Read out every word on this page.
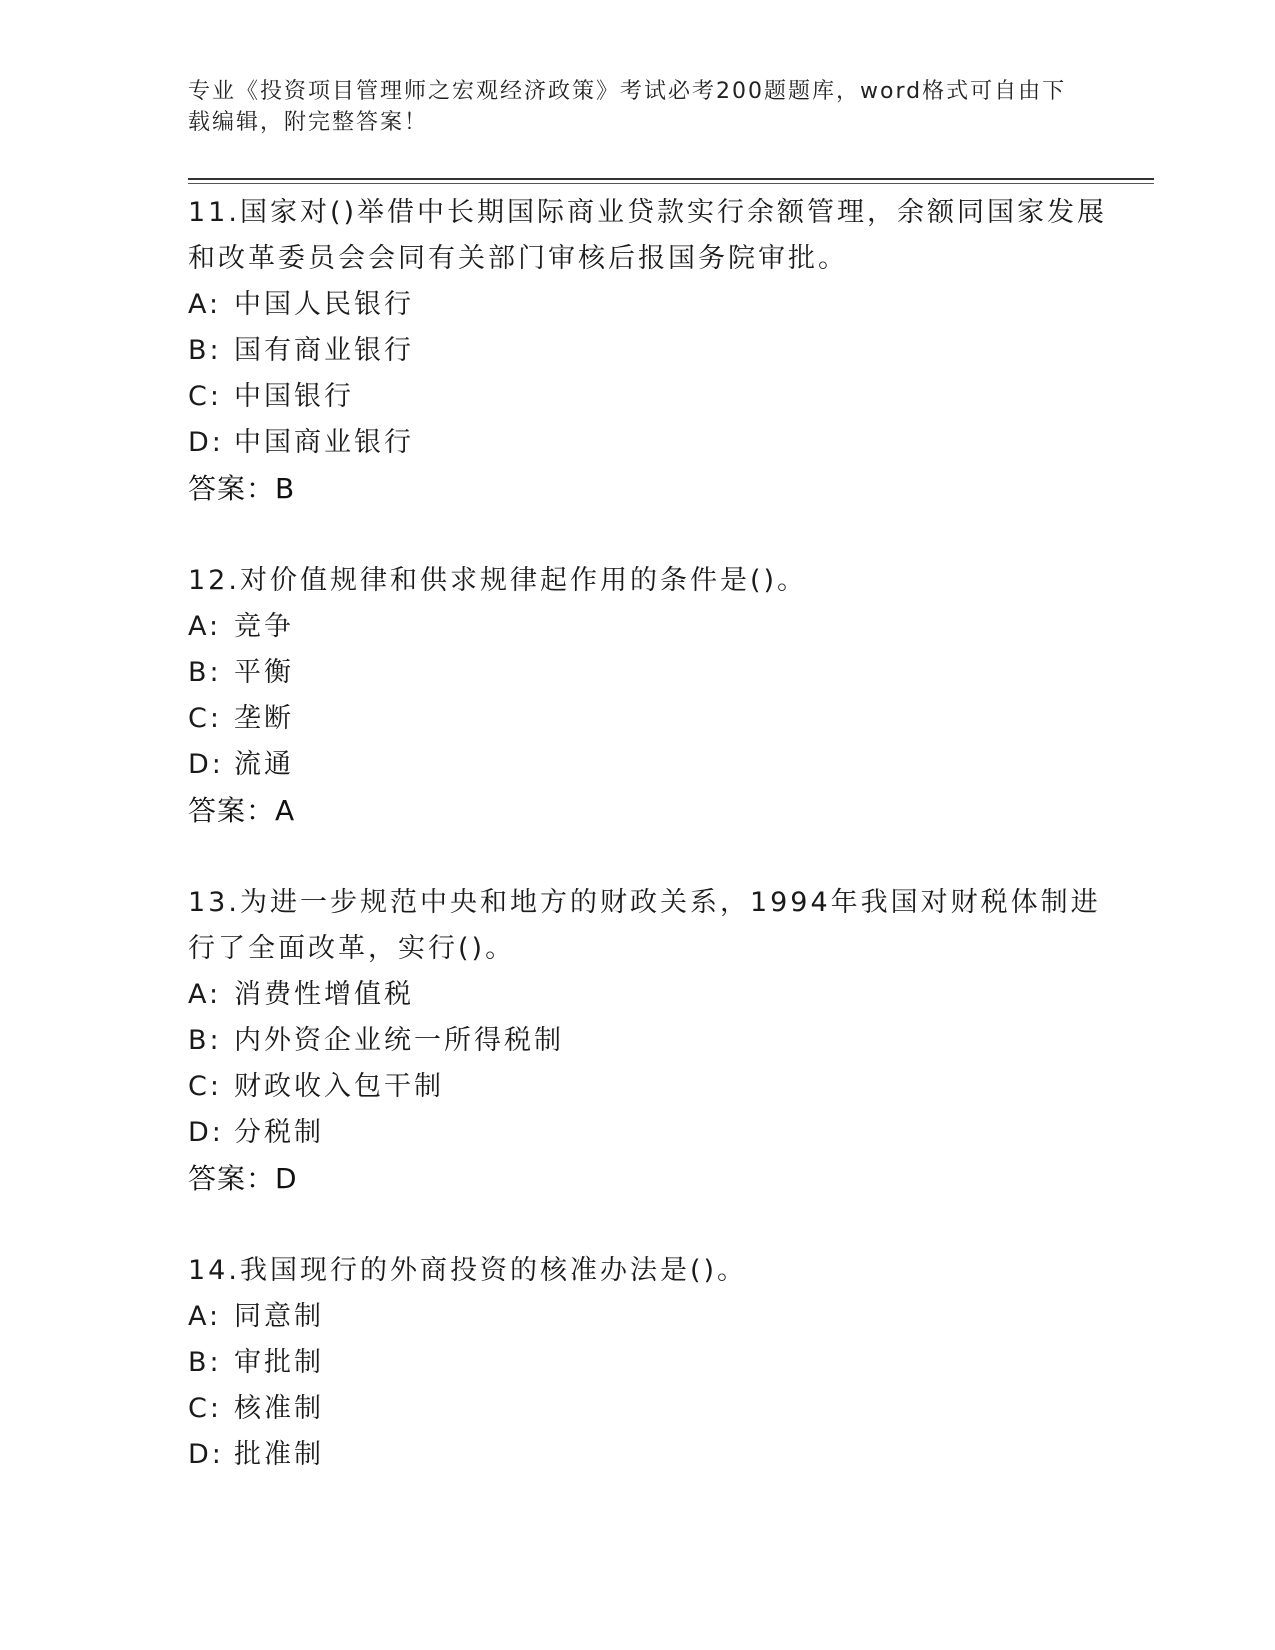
专业《投资项目管理师之宏观经济政策》考试必考200题题库，word格式可自由下载编辑，附完整答案！
11.国家对()举借中长期国际商业贷款实行余额管理，余额同国家发展和改革委员会会同有关部门审核后报国务院审批。
A: 中国人民银行
B: 国有商业银行
C: 中国银行
D: 中国商业银行
答案：B
12.对价值规律和供求规律起作用的条件是()。
A: 竞争
B: 平衡
C: 垄断
D: 流通
答案：A
13.为进一步规范中央和地方的财政关系，1994年我国对财税体制进行了全面改革，实行()。
A: 消费性增值税
B: 内外资企业统一所得税制
C: 财政收入包干制
D: 分税制
答案：D
14.我国现行的外商投资的核准办法是()。
A: 同意制
B: 审批制
C: 核准制
D: 批准制
